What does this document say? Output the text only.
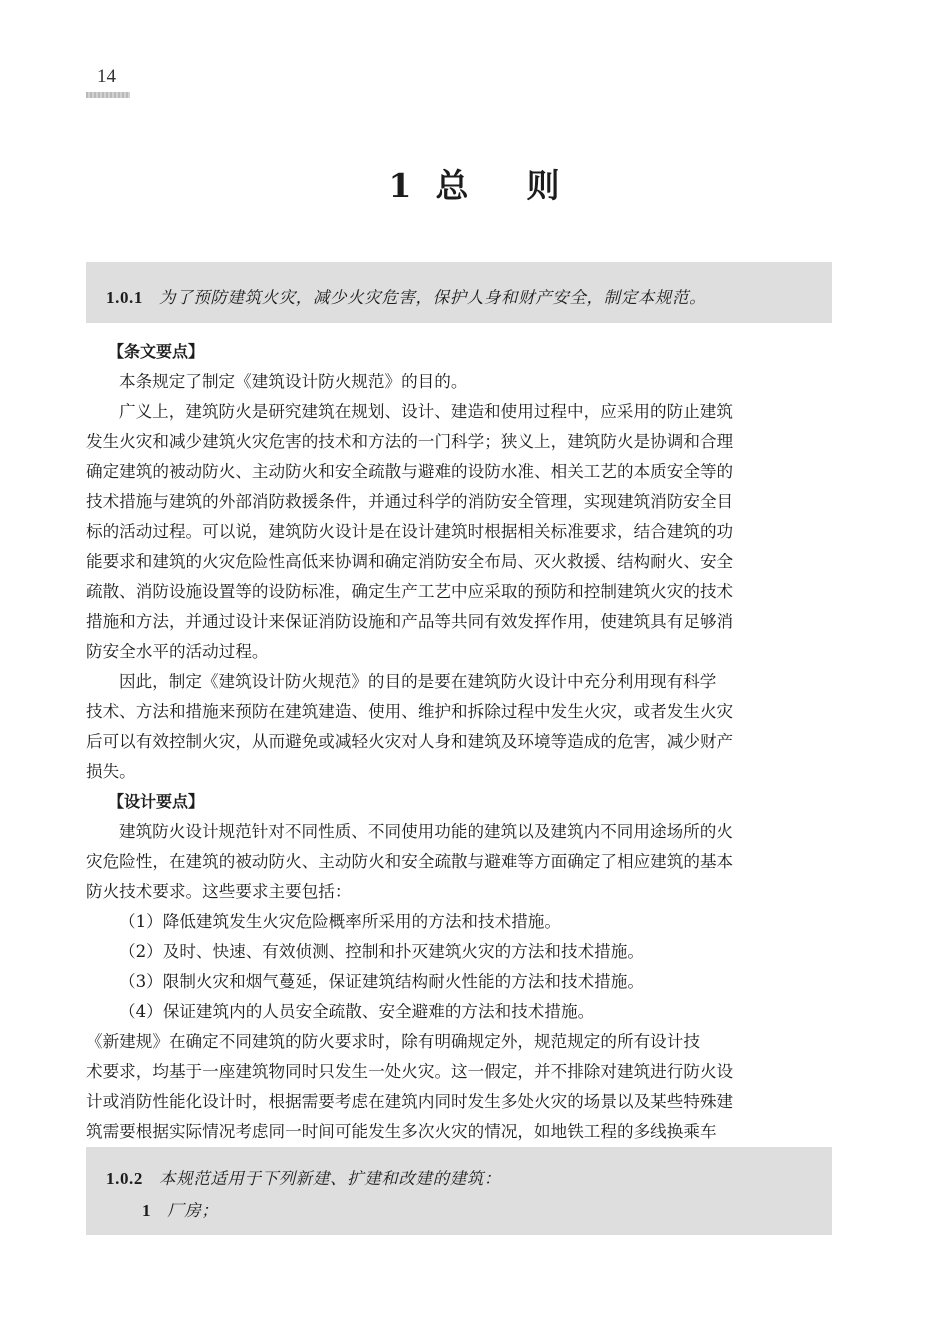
14
1 总 则
1.0.1 为了预防建筑火灾，减少火灾危害，保护人身和财产安全，制定本规范。

【条文要点】

本条规定了制定《建筑设计防火规范》的目的。

广义上，建筑防火是研究建筑在规划、设计、建造和使用过程中，应采用的防止建筑

发生火灾和减少建筑火灾危害的技术和方法的一门科学；狭义上，建筑防火是协调和合理

确定建筑的被动防火、主动防火和安全疏散与避难的设防水准、相关工艺的本质安全等的

技术措施与建筑的外部消防救援条件，并通过科学的消防安全管理，实现建筑消防安全目

标的活动过程。可以说，建筑防火设计是在设计建筑时根据相关标准要求，结合建筑的功

能要求和建筑的火灾危险性高低来协调和确定消防安全布局、灭火救援、结构耐火、安全

疏散、消防设施设置等的设防标准，确定生产工艺中应采取的预防和控制建筑火灾的技术

措施和方法，并通过设计来保证消防设施和产品等共同有效发挥作用，使建筑具有足够消

防安全水平的活动过程。

因此，制定《建筑设计防火规范》的目的是要在建筑防火设计中充分利用现有科学

技术、方法和措施来预防在建筑建造、使用、维护和拆除过程中发生火灾，或者发生火灾

后可以有效控制火灾，从而避免或减轻火灾对人身和建筑及环境等造成的危害，减少财产

损失。

【设计要点】

建筑防火设计规范针对不同性质、不同使用功能的建筑以及建筑内不同用途场所的火

灾危险性，在建筑的被动防火、主动防火和安全疏散与避难等方面确定了相应建筑的基本

防火技术要求。这些要求主要包括：

（1）降低建筑发生火灾危险概率所采用的方法和技术措施。

（2）及时、快速、有效侦测、控制和扑灭建筑火灾的方法和技术措施。

（3）限制火灾和烟气蔓延，保证建筑结构耐火性能的方法和技术措施。

（4）保证建筑内的人员安全疏散、安全避难的方法和技术措施。

《新建规》在确定不同建筑的防火要求时，除有明确规定外，规范规定的所有设计技

术要求，均基于一座建筑物同时只发生一处火灾。这一假定，并不排除对建筑进行防火设

计或消防性能化设计时，根据需要考虑在建筑内同时发生多处火灾的场景以及某些特殊建

筑需要根据实际情况考虑同一时间可能发生多次火灾的情况，如地铁工程的多线换乘车

1.0.2 本规范适用于下列新建、扩建和改建的建筑：
1 厂房；
